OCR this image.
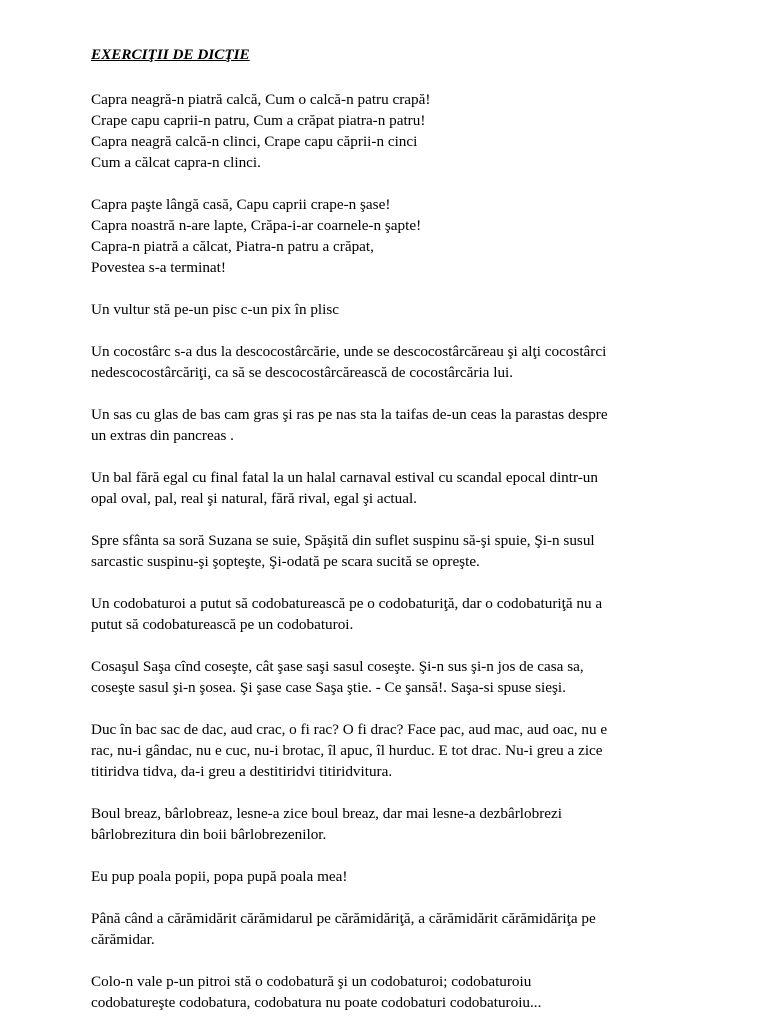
EXERCIŢII DE DICŢIE
Capra neagră-n piatră calcă, Cum o calcă-n patru crapă!
Crape capu caprii-n patru, Cum a crăpat piatra-n patru!
Capra neagră calcă-n clinci, Crape capu căprii-n cinci
Cum a călcat capra-n clinci.
Capra paşte lângă casă, Capu caprii crape-n şase!
Capra noastră n-are lapte, Crăpa-i-ar coarnele-n şapte!
Capra-n piatră a călcat, Piatra-n patru a crăpat,
Povestea s-a terminat!
Un vultur stă pe-un pisc c-un pix în plisc
Un cocostârc s-a dus la descocostârcărie, unde se descocostârcăreau şi alţi cocostârci
nedescocostârcăriţi, ca să se descocostârcărească de cocostârcăria lui.
Un sas cu glas de bas cam gras şi ras pe nas sta la taifas de-un ceas la parastas despre
un extras din pancreas .
Un bal fără egal cu final fatal la un halal carnaval estival cu scandal epocal dintr-un
opal oval, pal, real şi natural, fără rival, egal şi actual.
Spre sfânta sa soră Suzana se suie, Spăşită din suflet suspinu să-şi spuie, Şi-n susul
sarcastic suspinu-şi şopteşte, Şi-odată pe scara sucită se opreşte.
Un codobaturoi a putut să codobaturească pe o codobaturiţă, dar o codobaturiţă nu a
putut să codobaturească pe un codobaturoi.
Cosaşul Saşa cînd coseşte, cât şase saşi sasul coseşte. Şi-n sus şi-n jos de casa sa,
coseşte sasul şi-n şosea. Şi şase case Saşa ştie. - Ce şansă!. Saşa-si spuse sieşi.
Duc în bac sac de dac, aud crac, o fi rac? O fi drac? Face pac, aud mac, aud oac, nu e
rac, nu-i gândac, nu e cuc, nu-i brotac, îl apuc, îl hurduc. E tot drac. Nu-i greu a zice
titiridva tidva, da-i greu a destitiridvi titiridvitura.
Boul breaz, bârlobreaz, lesne-a zice boul breaz, dar mai lesne-a dezbârlobrezi
bârlobrezitura din boii bârlobrezenilor.
Eu pup poala popii, popa pupă poala mea!
Până când a cărămidărit cărămidarul pe cărămidăriţă, a cărămidărit cărămidăriţa pe
cărămidar.
Colo-n vale p-un pitroi stă o codobatură şi un codobaturoi; codobaturoiu
codobatureşte codobatura, codobatura nu poate codobaturi codobaturoiu...
